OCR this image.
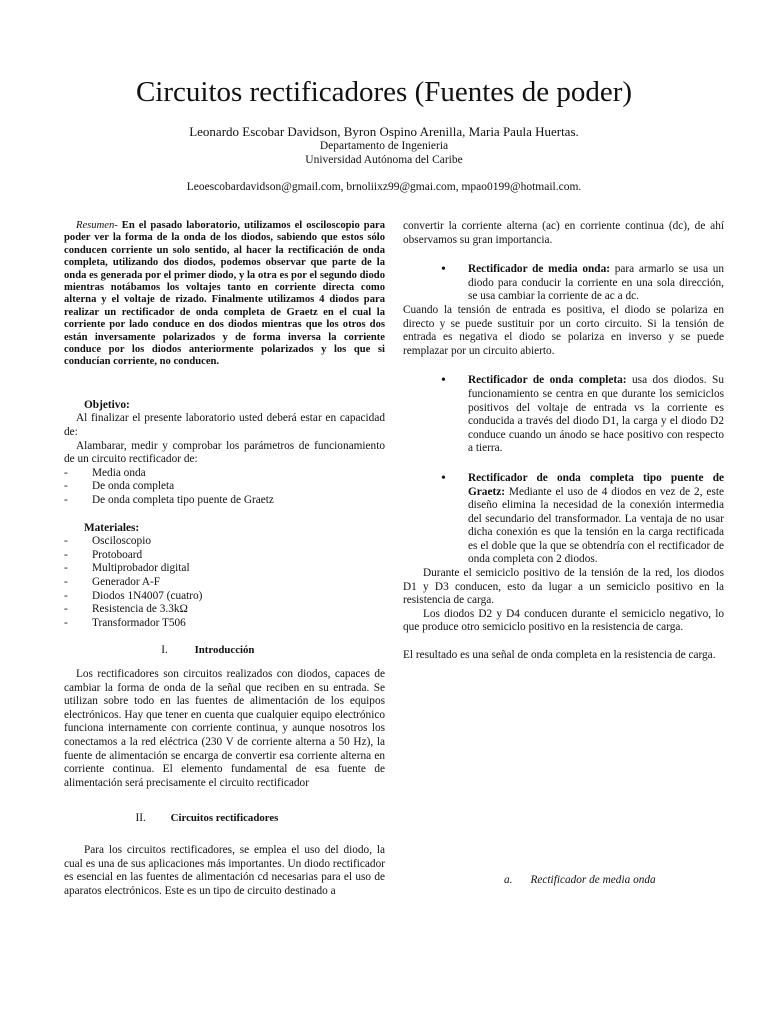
Circuitos rectificadores (Fuentes de poder)
Leonardo Escobar Davidson, Byron Ospino Arenilla, Maria Paula Huertas.
Departamento de Ingenieria
Universidad Autónoma del Caribe
Leoescobardavidson@gmail.com, brnoliixz99@gmai.com, mpao0199@hotmail.com.

Resumen- En el pasado laboratorio, utilizamos el osciloscopio para poder ver la forma de la onda de los diodos, sabiendo que estos sólo conducen corriente un solo sentido, al hacer la rectificación de onda completa, utilizando dos diodos, podemos observar que parte de la onda es generada por el primer diodo, y la otra es por el segundo diodo mientras notábamos los voltajes tanto en corriente directa como alterna y el voltaje de rizado. Finalmente utilizamos 4 diodos para realizar un rectificador de onda completa de Graetz en el cual la corriente por lado conduce en dos diodos mientras que los otros dos están inversamente polarizados y de forma inversa la corriente conduce por los diodos anteriormente polarizados y los que si conducían corriente, no conducen.

Objetivo:

Al finalizar el presente laboratorio usted deberá estar en capacidad de:

Alambarar, medir y comprobar los parámetros de funcionamiento de un circuito rectificador de:

-	Media onda
-	De onda completa
-	De onda completa tipo puente de Graetz

Materiales:

-	Osciloscopio
-	Protoboard
-	Multiprobador digital
-	Generador A-F
-	Diodos 1N4007 (cuatro)
-	Resistencia de 3.3kΩ
-	Transformador T506
I. Introducción

Los rectificadores son circuitos realizados con diodos, capaces de cambiar la forma de onda de la señal que reciben en su entrada. Se utilizan sobre todo en las fuentes de alimentación de los equipos electrónicos. Hay que tener en cuenta que cualquier equipo electrónico funciona internamente con corriente continua, y aunque nosotros los conectamos a la red eléctrica (230 V de corriente alterna a 50 Hz), la fuente de alimentación se encarga de convertir esa corriente alterna en corriente continua. El elemento fundamental de esa fuente de alimentación será precisamente el circuito rectificador

II. Circuitos rectificadores

Para los circuitos rectificadores, se emplea el uso del diodo, la cual es una de sus aplicaciones más importantes. Un diodo rectificador es esencial en las fuentes de alimentación cd necesarias para el uso de aparatos electrónicos. Este es un tipo de circuito destinado a

convertir la corriente alterna (ac) en corriente continua (dc), de ahí observamos su gran importancia.

• Rectificador de media onda: para armarlo se usa un diodo para conducir la corriente en una sola dirección, se usa cambiar la corriente de ac a dc.

Cuando la tensión de entrada es positiva, el diodo se polariza en directo y se puede sustituir por un corto circuito. Si la tensión de entrada es negativa el diodo se polariza en inverso y se puede remplazar por un circuito abierto.

• Rectificador de onda completa: usa dos diodos. Su funcionamiento se centra en que durante los semiciclos positivos del voltaje de entrada vs la corriente es conducida a través del diodo D1, la carga y el diodo D2 conduce cuando un ánodo se hace positivo con respecto a tierra.
• Rectificador de onda completa tipo puente de Graetz: Mediante el uso de 4 diodos en vez de 2, este diseño elimina la necesidad de la conexión intermedia del secundario del transformador. La ventaja de no usar dicha conexión es que la tensión en la carga rectificada es el doble que la que se obtendría con el rectificador de onda completa con 2 diodos.

Durante el semiciclo positivo de la tensión de la red, los diodos D1 y D3 conducen, esto da lugar a un semiciclo positivo en la resistencia de carga.

Los diodos D2 y D4 conducen durante el semiciclo negativo, lo que produce otro semiciclo positivo en la resistencia de carga.

El resultado es una señal de onda completa en la resistencia de carga.

a. Rectificador de media onda
